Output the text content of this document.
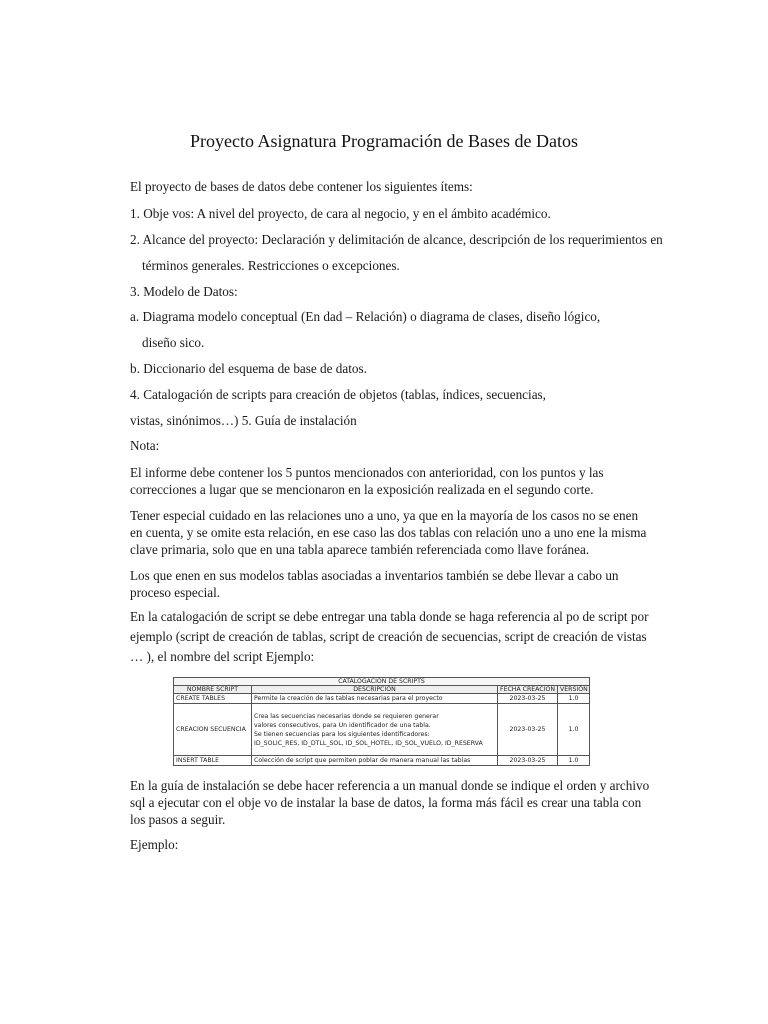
Proyecto Asignatura Programación de Bases de Datos
El proyecto de bases de datos debe contener los siguientes ítems:
1. Obje vos: A nivel del proyecto, de cara al negocio, y en el ámbito académico.
2. Alcance del proyecto: Declaración y delimitación de alcance, descripción de los requerimientos en
términos generales. Restricciones o excepciones.
3. Modelo de Datos:
a. Diagrama modelo conceptual (En dad – Relación) o diagrama de clases, diseño lógico,
diseño sico.
b. Diccionario del esquema de base de datos.
4. Catalogación de scripts para creación de objetos (tablas, índices, secuencias,
vistas, sinónimos…) 5. Guía de instalación
Nota:
El informe debe contener los 5 puntos mencionados con anterioridad, con los puntos y las correcciones a lugar que se mencionaron en la exposición realizada en el segundo corte.
Tener especial cuidado en las relaciones uno a uno, ya que en la mayoría de los casos no se enen en cuenta, y se omite esta relación, en ese caso las dos tablas con relación uno a uno ene la misma clave primaria, solo que en una tabla aparece también referenciada como llave foránea.
Los que enen en sus modelos tablas asociadas a inventarios también se debe llevar a cabo un proceso especial.
En la catalogación de script se debe entregar una tabla donde se haga referencia al po de script por
ejemplo (script de creación de tablas, script de creación de secuencias, script de creación de vistas
… ), el nombre del script Ejemplo:
CATALOGACIÓN DE SCRIPTS			
NOMBRE SCRIPT	DESCRIPCIÓN	FECHA CREACIÓN	VERSIÓN
CREATE TABLES	Permite la creación de las tablas necesarias para el proyecto	2023-03-25	1.0
CREACION SECUENCIA	Crea las secuencias necesarias donde se requieren generar
valores consecutivos, para Un identificador de una tabla.
Se tienen secuencias para los siguientes identificadores:
ID_SOLIC_RES, ID_DTLL_SOL, ID_SOL_HOTEL, ID_SOL_VUELO, ID_RESERVA	2023-03-25	1.0
INSERT TABLE	Colección de script que permiten poblar de manera manual las tablas	2023-03-25	1.0
En la guía de instalación se debe hacer referencia a un manual donde se indique el orden y archivo sql a ejecutar con el obje vo de instalar la base de datos, la forma más fácil es crear una tabla con los pasos a seguir.
Ejemplo:
